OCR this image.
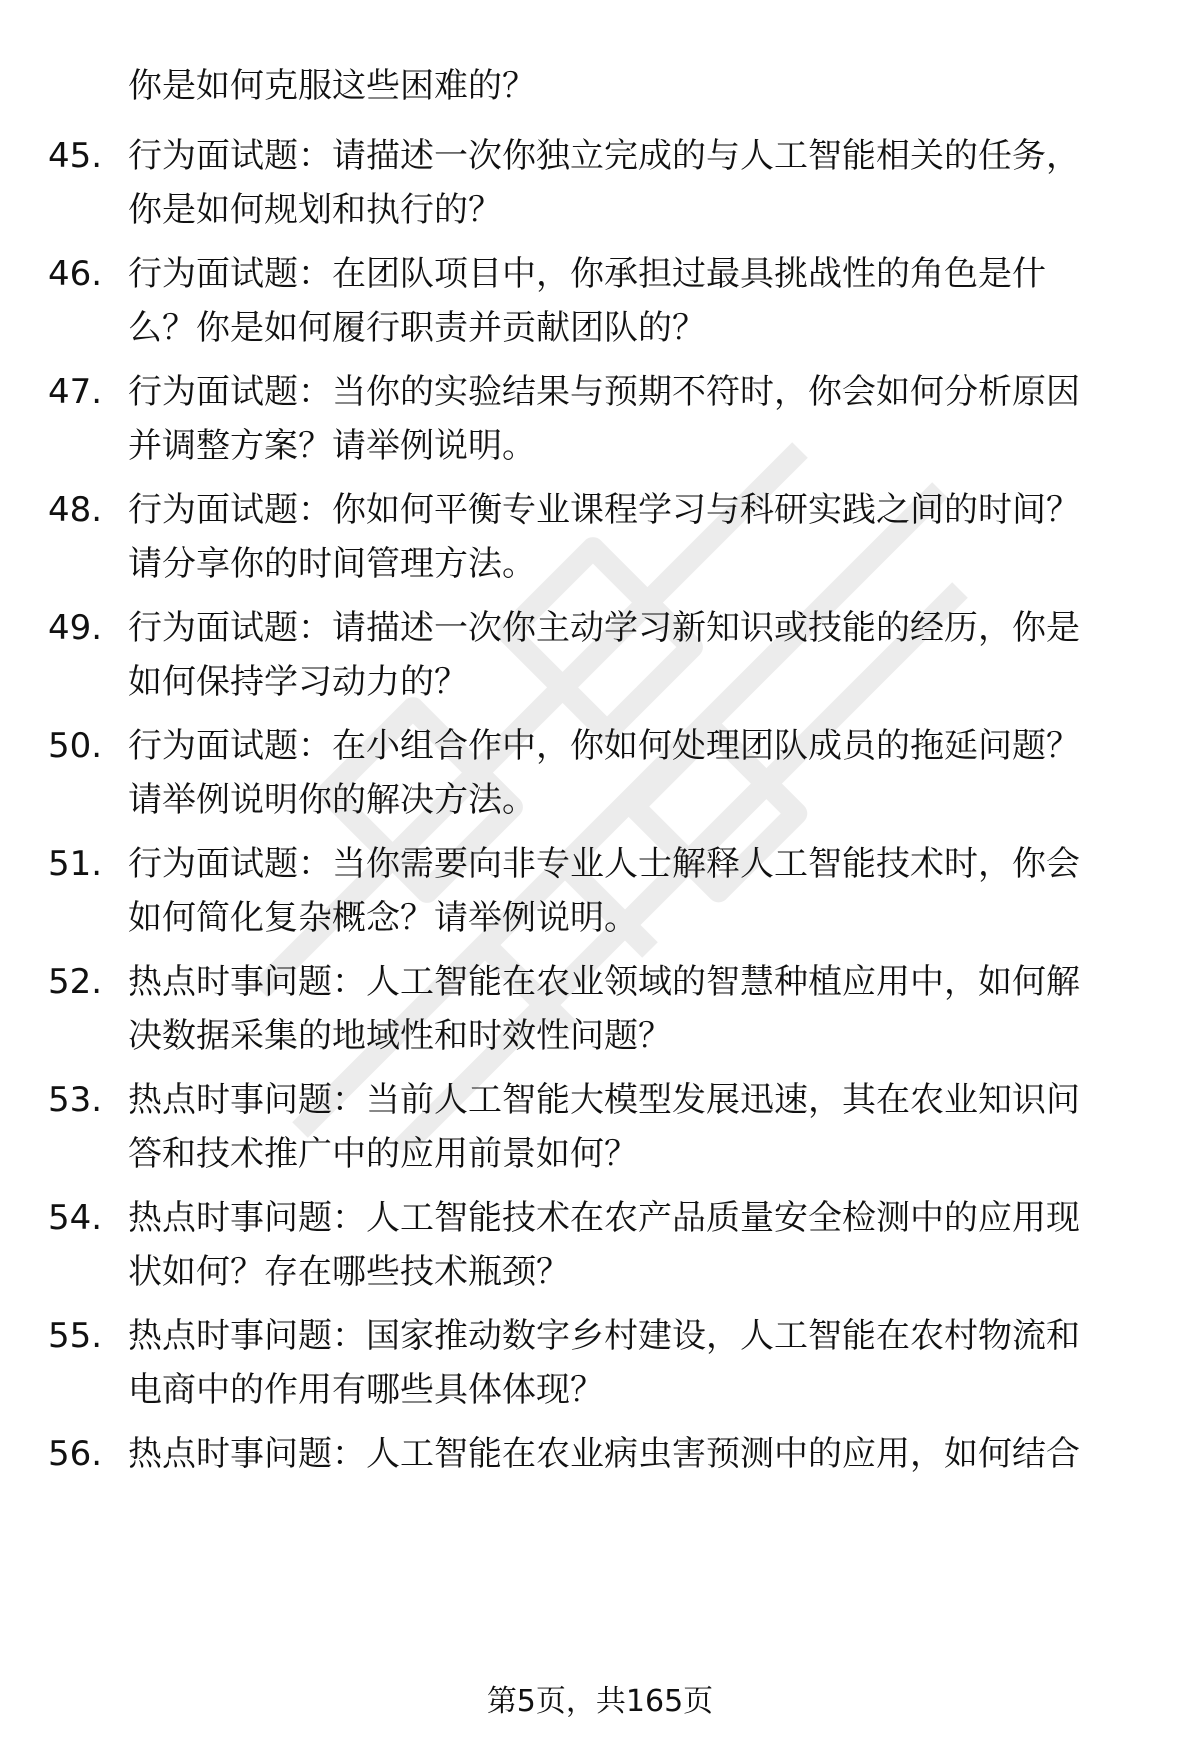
你是如何克服这些困难的？
45. 行为面试题：请描述一次你独立完成的与人工智能相关的任务，
你是如何规划和执行的？
46. 行为面试题：在团队项目中，你承担过最具挑战性的角色是什
么？你是如何履行职责并贡献团队的？
47. 行为面试题：当你的实验结果与预期不符时，你会如何分析原因
并调整方案？请举例说明。
48. 行为面试题：你如何平衡专业课程学习与科研实践之间的时间？
请分享你的时间管理方法。
49. 行为面试题：请描述一次你主动学习新知识或技能的经历，你是
如何保持学习动力的？
50. 行为面试题：在小组合作中，你如何处理团队成员的拖延问题？
请举例说明你的解决方法。
51. 行为面试题：当你需要向非专业人士解释人工智能技术时，你会
如何简化复杂概念？请举例说明。
52. 热点时事问题：人工智能在农业领域的智慧种植应用中，如何解
决数据采集的地域性和时效性问题？
53. 热点时事问题：当前人工智能大模型发展迅速，其在农业知识问
答和技术推广中的应用前景如何？
54. 热点时事问题：人工智能技术在农产品质量安全检测中的应用现
状如何？存在哪些技术瓶颈？
55. 热点时事问题：国家推动数字乡村建设，人工智能在农村物流和
电商中的作用有哪些具体体现？
56. 热点时事问题：人工智能在农业病虫害预测中的应用，如何结合
第5页，共165页
